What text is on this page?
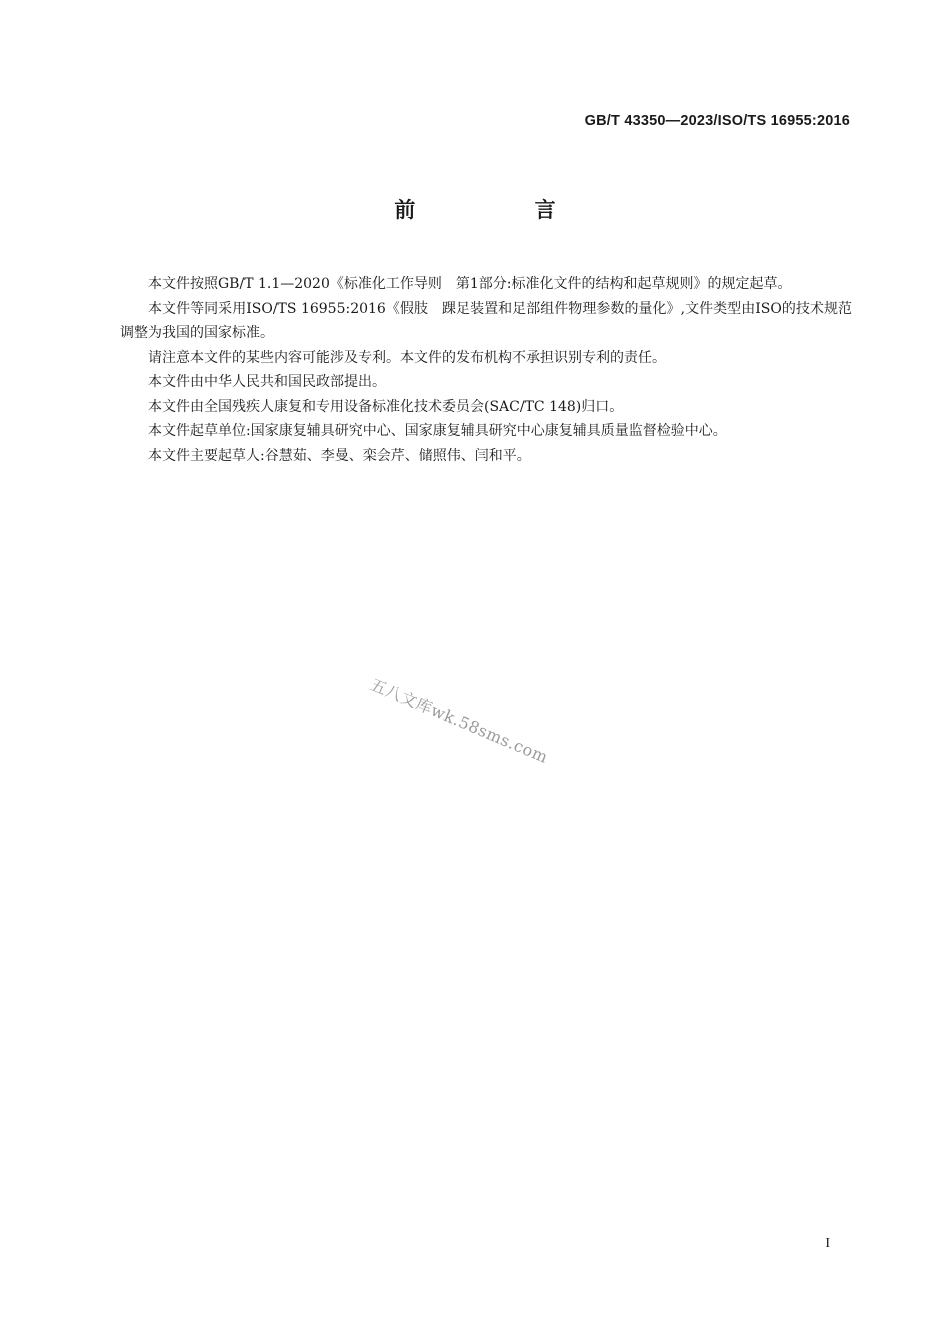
GB/T 43350—2023/ISO/TS 16955:2016
前 言

本文件按照GB/T 1.1—2020《标准化工作导则　第1部分:标准化文件的结构和起草规则》的规定起草。

本文件等同采用ISO/TS 16955:2016《假肢　踝足装置和足部组件物理参数的量化》,文件类型由ISO的技术规范调整为我国的国家标准。

请注意本文件的某些内容可能涉及专利。本文件的发布机构不承担识别专利的责任。

本文件由中华人民共和国民政部提出。

本文件由全国残疾人康复和专用设备标准化技术委员会(SAC/TC 148)归口。

本文件起草单位:国家康复辅具研究中心、国家康复辅具研究中心康复辅具质量监督检验中心。

本文件主要起草人:谷慧茹、李曼、栾会芹、储照伟、闫和平。

五八文库wk.58sms.com
I
